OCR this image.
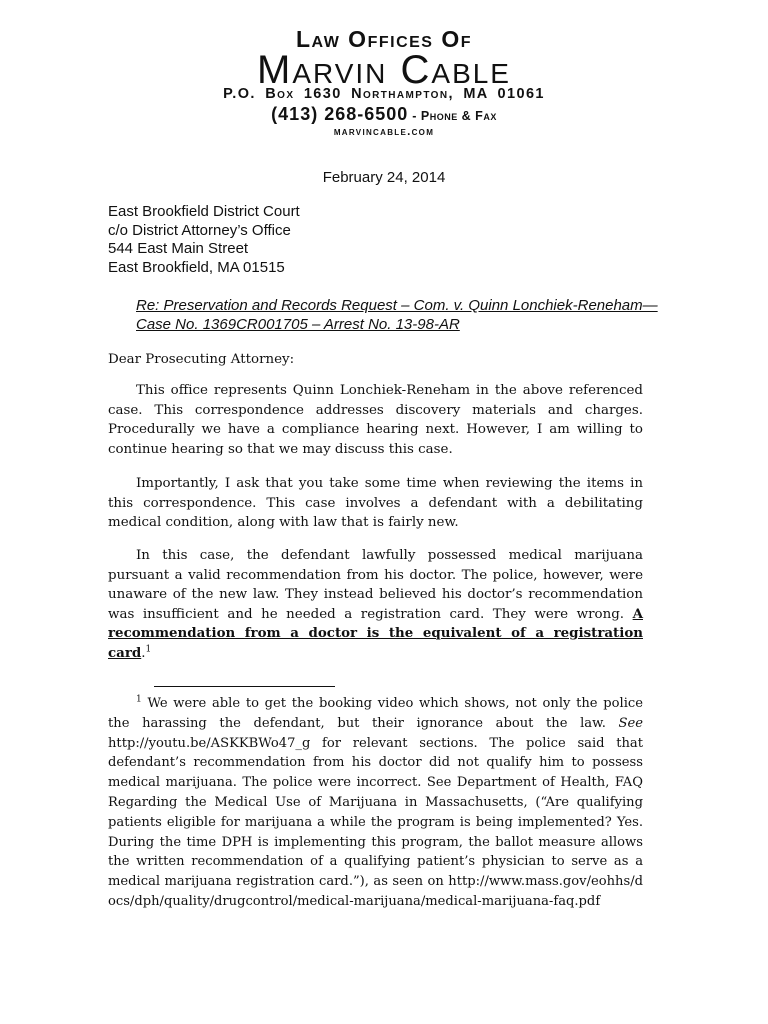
Law Offices Of
Marvin Cable
P.O. Box 1630 Northampton, MA 01061
(413) 268-6500 - Phone & Fax
marvincable.com
February 24, 2014
East Brookfield District Court
c/o District Attorney’s Office
544 East Main Street
East Brookfield, MA 01515
Re: Preservation and Records Request – Com. v. Quinn Lonchiek-Reneham—Case No. 1369CR001705 – Arrest No. 13-98-AR
Dear Prosecuting Attorney:

This office represents Quinn Lonchiek-Reneham in the above referenced case. This correspondence addresses discovery materials and charges. Procedurally we have a compliance hearing next. However, I am willing to continue hearing so that we may discuss this case.

Importantly, I ask that you take some time when reviewing the items in this correspondence. This case involves a defendant with a debilitating medical condition, along with law that is fairly new.

In this case, the defendant lawfully possessed medical marijuana pursuant a valid recommendation from his doctor. The police, however, were unaware of the new law. They instead believed his doctor’s recommendation was insufficient and he needed a registration card. They were wrong. A recommendation from a doctor is the equivalent of a registration card.$^1$

$^1$ We were able to get the booking video which shows, not only the police the harassing the defendant, but their ignorance about the law. See http://youtu.be/ASKKBWo47_g for relevant sections. The police said that defendant’s recommendation from his doctor did not qualify him to possess medical marijuana. The police were incorrect. See Department of Health, FAQ Regarding the Medical Use of Marijuana in Massachusetts, (“Are qualifying patients eligible for marijuana a while the program is being implemented? Yes. During the time DPH is implementing this program, the ballot measure allows the written recommendation of a qualifying patient’s physician to serve as a medical marijuana registration card.”), as seen on http://www.mass.gov/eohhs/docs/dph/quality/drugcontrol/medical-marijuana/medical-marijuana-faq.pdf
